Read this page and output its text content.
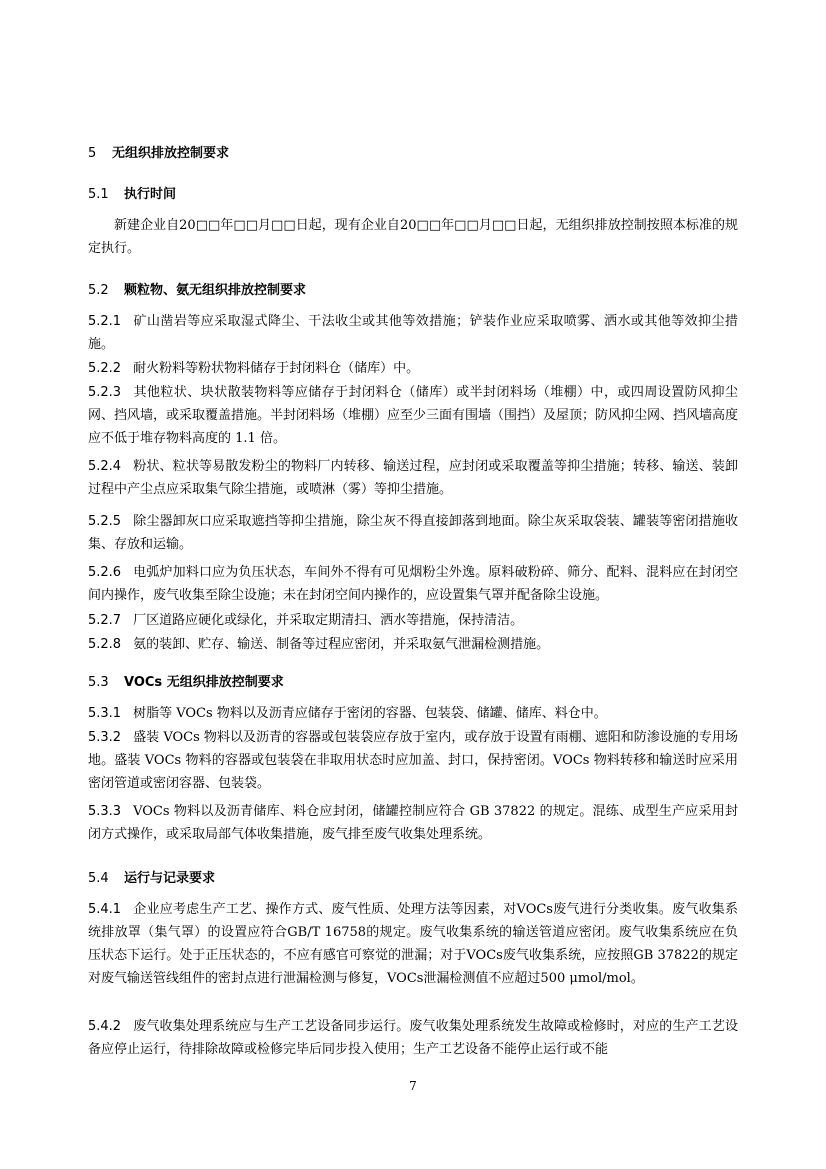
5 无组织排放控制要求
5.1 执行时间
新建企业自20□□年□□月□□日起，现有企业自20□□年□□月□□日起，无组织排放控制按照本标准的规定执行。
5.2 颗粒物、氨无组织排放控制要求
5.2.1 矿山凿岩等应采取湿式降尘、干法收尘或其他等效措施；铲装作业应采取喷雾、洒水或其他等效抑尘措施。
5.2.2 耐火粉料等粉状物料储存于封闭料仓（储库）中。
5.2.3 其他粒状、块状散装物料等应储存于封闭料仓（储库）或半封闭料场（堆棚）中，或四周设置防风抑尘网、挡风墙，或采取覆盖措施。半封闭料场（堆棚）应至少三面有围墙（围挡）及屋顶；防风抑尘网、挡风墙高度应不低于堆存物料高度的 1.1 倍。
5.2.4 粉状、粒状等易散发粉尘的物料厂内转移、输送过程，应封闭或采取覆盖等抑尘措施；转移、输送、装卸过程中产尘点应采取集气除尘措施，或喷淋（雾）等抑尘措施。
5.2.5 除尘器卸灰口应采取遮挡等抑尘措施，除尘灰不得直接卸落到地面。除尘灰采取袋装、罐装等密闭措施收集、存放和运输。
5.2.6 电弧炉加料口应为负压状态，车间外不得有可见烟粉尘外逸。原料破粉碎、筛分、配料、混料应在封闭空间内操作，废气收集至除尘设施；未在封闭空间内操作的，应设置集气罩并配备除尘设施。
5.2.7 厂区道路应硬化或绿化，并采取定期清扫、洒水等措施，保持清洁。
5.2.8 氨的装卸、贮存、输送、制备等过程应密闭，并采取氨气泄漏检测措施。
5.3 VOCs 无组织排放控制要求
5.3.1 树脂等 VOCs 物料以及沥青应储存于密闭的容器、包装袋、储罐、储库、料仓中。
5.3.2 盛装 VOCs 物料以及沥青的容器或包装袋应存放于室内，或存放于设置有雨棚、遮阳和防渗设施的专用场地。盛装 VOCs 物料的容器或包装袋在非取用状态时应加盖、封口，保持密闭。VOCs 物料转移和输送时应采用密闭管道或密闭容器、包装袋。
5.3.3 VOCs 物料以及沥青储库、料仓应封闭，储罐控制应符合 GB 37822 的规定。混练、成型生产应采用封闭方式操作，或采取局部气体收集措施，废气排至废气收集处理系统。
5.4 运行与记录要求
5.4.1 企业应考虑生产工艺、操作方式、废气性质、处理方法等因素，对VOCs废气进行分类收集。废气收集系统排放罩（集气罩）的设置应符合GB/T 16758的规定。废气收集系统的输送管道应密闭。废气收集系统应在负压状态下运行。处于正压状态的，不应有感官可察觉的泄漏；对于VOCs废气收集系统，应按照GB 37822的规定对废气输送管线组件的密封点进行泄漏检测与修复，VOCs泄漏检测值不应超过500 μmol/mol。
5.4.2 废气收集处理系统应与生产工艺设备同步运行。废气收集处理系统发生故障或检修时，对应的生产工艺设备应停止运行，待排除故障或检修完毕后同步投入使用；生产工艺设备不能停止运行或不能
7
